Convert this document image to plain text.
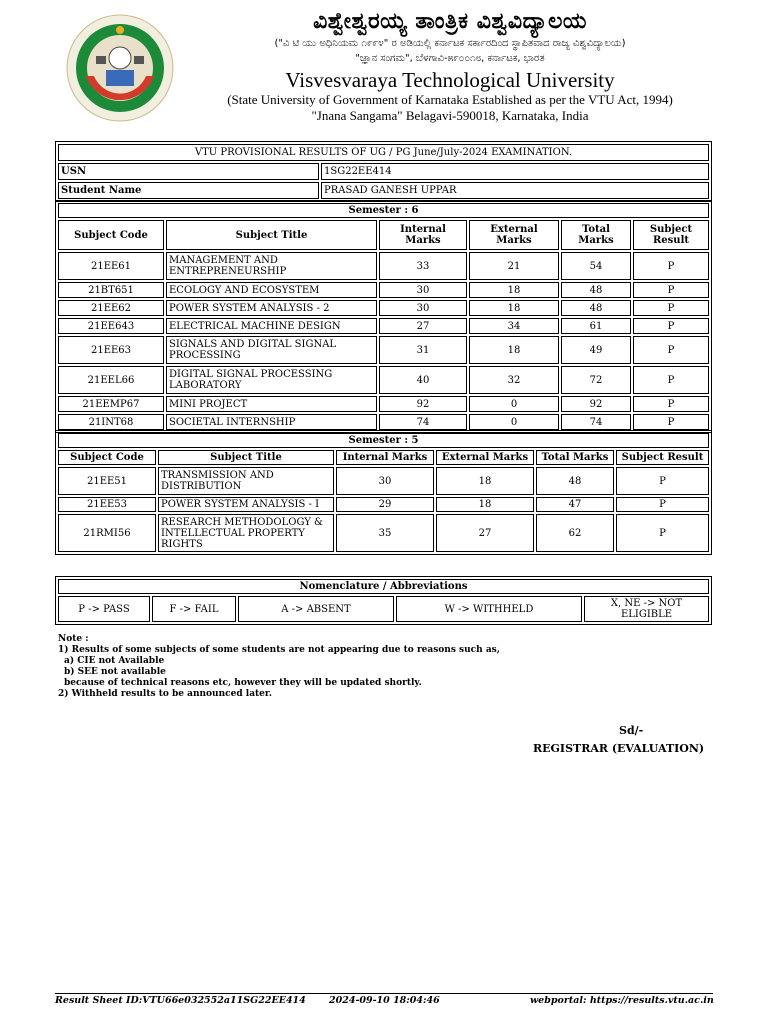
ವಿಶ್ವೇಶ್ವರಯ್ಯ ತಾಂತ್ರಿಕ ವಿಶ್ವವಿದ್ಯಾಲಯ
("ವಿ ಟಿ ಯು ಅಧಿನಿಯಮ ೧೯೯೪" ರ ಅಡಿಯಲ್ಲಿ ಕರ್ನಾಟಕ ಸರ್ಕಾರದಿಂದ ಸ್ಥಾಪಿತವಾದ ರಾಜ್ಯ ವಿಶ್ವವಿದ್ಯಾಲಯ)
"ಜ್ಞಾನ ಸಂಗಮ", ಬೆಳಗಾವಿ-೫೯೦೦೧೮, ಕರ್ನಾಟಕ, ಭಾರತ
Visvesvaraya Technological University
(State University of Government of Karnataka Established as per the VTU Act, 1994)
"Jnana Sangama" Belagavi-590018, Karnataka, India
VTU PROVISIONAL RESULTS OF UG / PG June/July-2024 EXAMINATION.	
USN	1SG22EE414
Student Name	PRASAD GANESH UPPAR
Semester : 6					
Subject Code	Subject Title	Internal Marks	External Marks	Total Marks	Subject Result
21EE61	MANAGEMENT AND ENTREPRENEURSHIP	33	21	54	P
21BT651	ECOLOGY AND ECOSYSTEM	30	18	48	P
21EE62	POWER SYSTEM ANALYSIS - 2	30	18	48	P
21EE643	ELECTRICAL MACHINE DESIGN	27	34	61	P
21EE63	SIGNALS AND DIGITAL SIGNAL PROCESSING	31	18	49	P
21EEL66	DIGITAL SIGNAL PROCESSING LABORATORY	40	32	72	P
21EEMP67	MINI PROJECT	92	0	92	P
21INT68	SOCIETAL INTERNSHIP	74	0	74	P
Semester : 5					
Subject Code	Subject Title	Internal Marks	External Marks	Total Marks	Subject Result
21EE51	TRANSMISSION AND DISTRIBUTION	30	18	48	P
21EE53	POWER SYSTEM ANALYSIS - I	29	18	47	P
21RMI56	RESEARCH METHODOLOGY & INTELLECTUAL PROPERTY RIGHTS	35	27	62	P
Nomenclature / Abbreviations
P -> PASS	F -> FAIL	A -> ABSENT	W -> WITHHELD	X, NE -> NOT ELIGIBLE
Note :
1) Results of some subjects of some students are not appearing due to reasons such as,
a) CIE not Available
b) SEE not available
because of technical reasons etc, however they will be updated shortly.
2) Withheld results to be announced later.
Sd/-
REGISTRAR (EVALUATION)
Result Sheet ID:VTU66e032552a11SG22EE414 2024-09-10 18:04:46	webportal: https://results.vtu.ac.in
